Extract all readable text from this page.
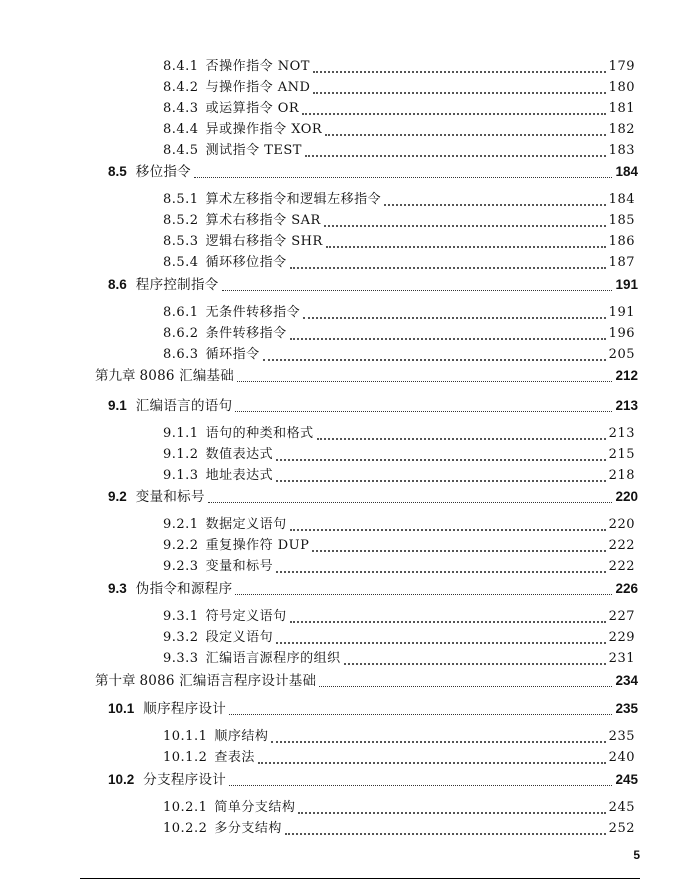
8.4.1 否操作指令 NOT	179
8.4.2 与操作指令 AND	180
8.4.3 或运算指令 OR	181
8.4.4 异或操作指令 XOR	182
8.4.5 测试指令 TEST	183
8.5 移位指令	184
8.5.1 算术左移指令和逻辑左移指令	184
8.5.2 算术右移指令 SAR	185
8.5.3 逻辑右移指令 SHR	186
8.5.4 循环移位指令	187
8.6 程序控制指令	191
8.6.1 无条件转移指令	191
8.6.2 条件转移指令	196
8.6.3 循环指令	205
第九章 8086 汇编基础	212
9.1 汇编语言的语句	213
9.1.1 语句的种类和格式	213
9.1.2 数值表达式	215
9.1.3 地址表达式	218
9.2 变量和标号	220
9.2.1 数据定义语句	220
9.2.2 重复操作符 DUP	222
9.2.3 变量和标号	222
9.3 伪指令和源程序	226
9.3.1 符号定义语句	227
9.3.2 段定义语句	229
9.3.3 汇编语言源程序的组织	231
第十章 8086 汇编语言程序设计基础	234
10.1 顺序程序设计	235
10.1.1 顺序结构	235
10.1.2 查表法	240
10.2 分支程序设计	245
10.2.1 简单分支结构	245
10.2.2 多分支结构	252
5
